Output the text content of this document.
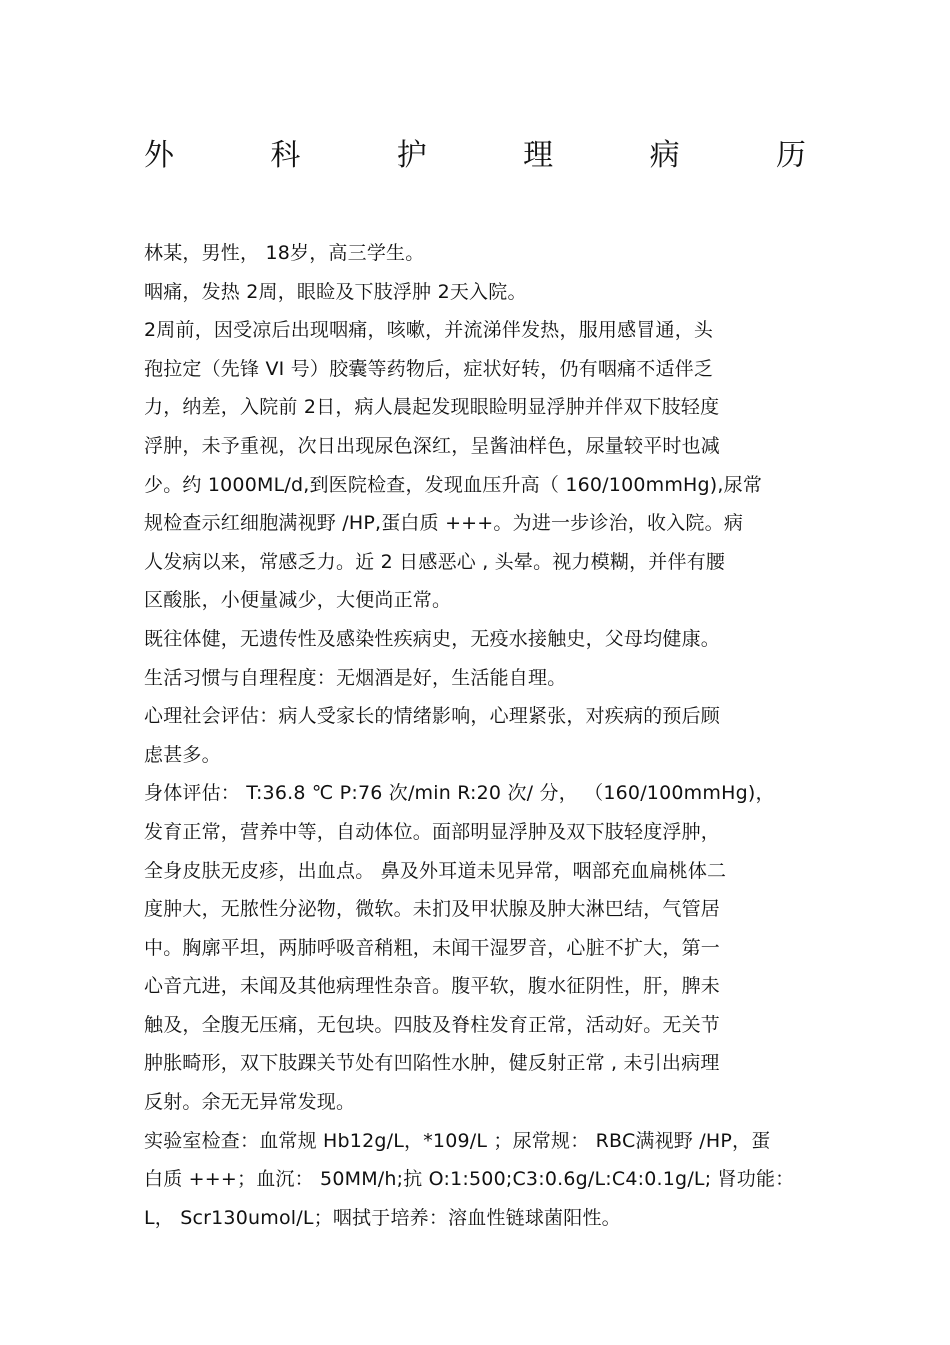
外	科	护	理	病	历
林某，男性， 18岁，高三学生。
咽痛，发热 2周，眼睑及下肢浮肿 2天入院。
2周前，因受凉后出现咽痛，咳嗽，并流涕伴发热，服用感冒通，头
孢拉定（先锋 VI 号）胶囊等药物后，症状好转，仍有咽痛不适伴乏
力，纳差，入院前 2日，病人晨起发现眼睑明显浮肿并伴双下肢轻度
浮肿，未予重视，次日出现尿色深红，呈酱油样色，尿量较平时也减
少。约 1000ML/d,到医院检查，发现血压升高（ 160/100mmHg),尿常
规检查示红细胞满视野 /HP,蛋白质 +++。为进一步诊治，收入院。病
人发病以来，常感乏力。近 2 日感恶心 , 头晕。视力模糊，并伴有腰
区酸胀，小便量减少，大便尚正常。
既往体健，无遗传性及感染性疾病史，无疫水接触史，父母均健康。
生活习惯与自理程度：无烟酒是好，生活能自理。
心理社会评估：病人受家长的情绪影响，心理紧张，对疾病的预后顾
虑甚多。
身体评估： T:36.8 ℃ P:76 次/min R:20 次/ 分， （160/100mmHg)，
发育正常，营养中等，自动体位。面部明显浮肿及双下肢轻度浮肿，
全身皮肤无皮疹，出血点。 鼻及外耳道未见异常，咽部充血扁桃体二
度肿大，无脓性分泌物，微软。未扪及甲状腺及肿大淋巴结，气管居
中。胸廓平坦，两肺呼吸音稍粗，未闻干湿罗音，心脏不扩大，第一
心音亢进，未闻及其他病理性杂音。腹平软，腹水征阴性，肝，脾未
触及，全腹无压痛，无包块。四肢及脊柱发育正常，活动好。无关节
肿胀畸形，双下肢踝关节处有凹陷性水肿，健反射正常 , 未引出病理
反射。余无无异常发现。
实验室检查：血常规 Hb12g/L，*109/L ；尿常规： RBC满视野 /HP，蛋
白质 +++；血沉： 50MM/h;抗 O:1:500;C3:0.6g/L:C4:0.1g/L; 肾功能：
L， Scr130umol/L；咽拭于培养：溶血性链球菌阳性。
